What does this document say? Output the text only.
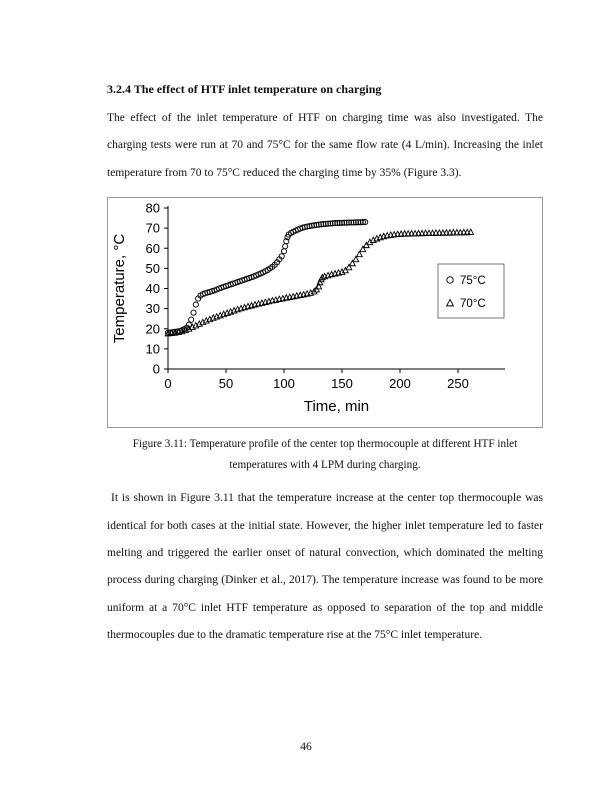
3.2.4 The effect of HTF inlet temperature on charging

The effect of the inlet temperature of HTF on charging time was also investigated. The charging tests were run at 70 and 75°C for the same flow rate (4 L/min). Increasing the inlet temperature from 70 to 75°C reduced the charging time by 35% (Figure 3.3).

0
10
20
30
40
50
60
70
80
0	50	100	150	200	250
Temperature, °C
Time, min
75°C
70°C
Figure 3.11: Temperature profile of the center top thermocouple at different HTF inlet
temperatures with 4 LPM during charging.

It is shown in Figure 3.11 that the temperature increase at the center top thermocouple was identical for both cases at the initial state. However, the higher inlet temperature led to faster melting and triggered the earlier onset of natural convection, which dominated the melting process during charging (Dinker et al., 2017). The temperature increase was found to be more uniform at a 70°C inlet HTF temperature as opposed to separation of the top and middle thermocouples due to the dramatic temperature rise at the 75°C inlet temperature.

46
